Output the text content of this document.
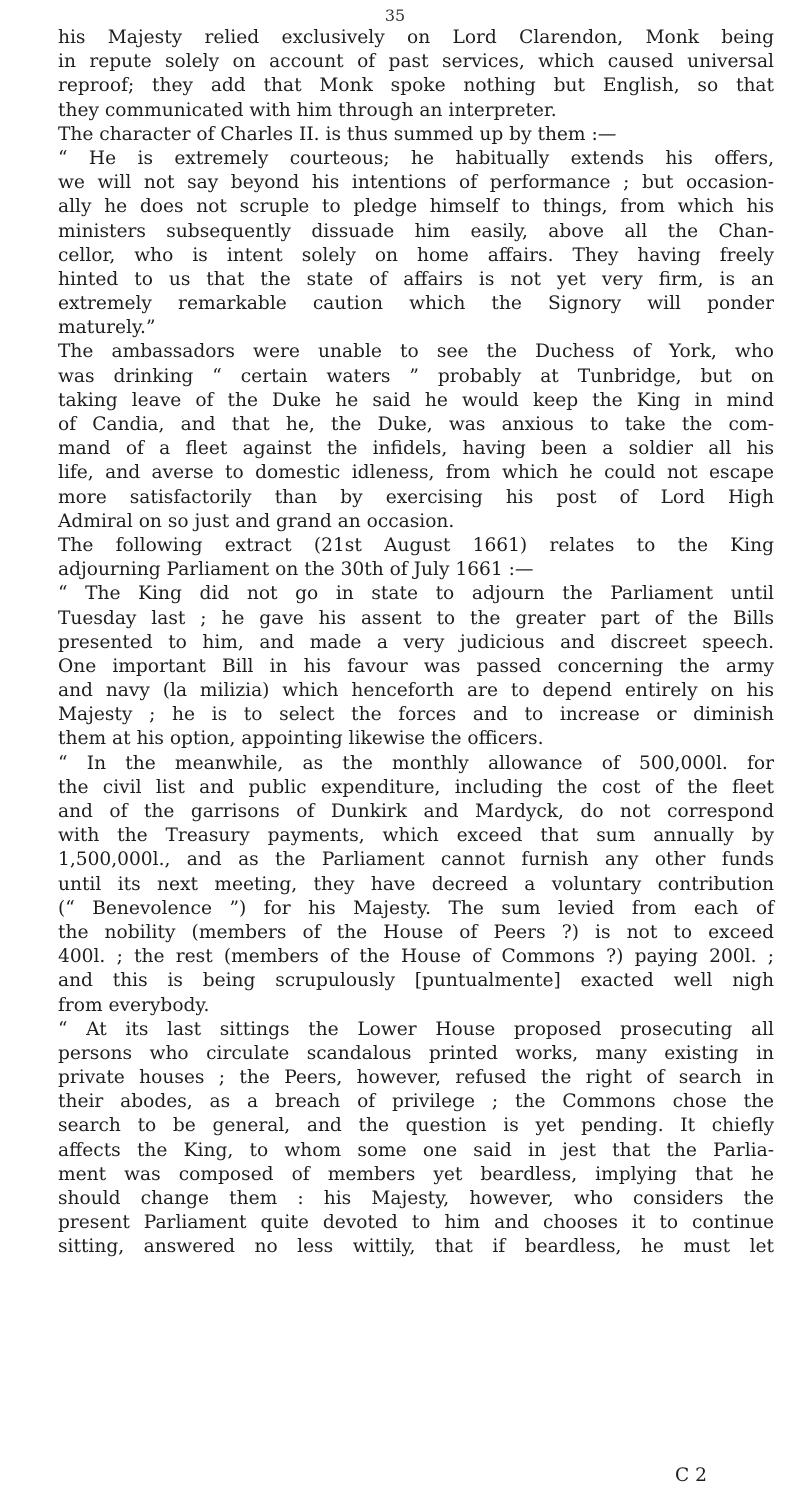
35
his Majesty relied exclusively on Lord Clarendon, Monk being
in repute solely on account of past services, which caused universal
reproof; they add that Monk spoke nothing but English, so that
they communicated with him through an interpreter.
The character of Charles II. is thus summed up by them :—
“ He is extremely courteous; he habitually extends his offers,
we will not say beyond his intentions of performance ; but occasion-
ally he does not scruple to pledge himself to things, from which his
ministers subsequently dissuade him easily, above all the Chan-
cellor, who is intent solely on home affairs. They having freely
hinted to us that the state of affairs is not yet very firm, is an
extremely remarkable caution which the Signory will ponder
maturely.”
The ambassadors were unable to see the Duchess of York, who
was drinking “ certain waters ” probably at Tunbridge, but on
taking leave of the Duke he said he would keep the King in mind
of Candia, and that he, the Duke, was anxious to take the com-
mand of a fleet against the infidels, having been a soldier all his
life, and averse to domestic idleness, from which he could not escape
more satisfactorily than by exercising his post of Lord High
Admiral on so just and grand an occasion.
The following extract (21st August 1661) relates to the King
adjourning Parliament on the 30th of July 1661 :—
“ The King did not go in state to adjourn the Parliament until
Tuesday last ; he gave his assent to the greater part of the Bills
presented to him, and made a very judicious and discreet speech.
One important Bill in his favour was passed concerning the army
and navy (la milizia) which henceforth are to depend entirely on his
Majesty ; he is to select the forces and to increase or diminish
them at his option, appointing likewise the officers.
“ In the meanwhile, as the monthly allowance of 500,000l. for
the civil list and public expenditure, including the cost of the fleet
and of the garrisons of Dunkirk and Mardyck, do not correspond
with the Treasury payments, which exceed that sum annually by
1,500,000l., and as the Parliament cannot furnish any other funds
until its next meeting, they have decreed a voluntary contribution
(“ Benevolence ”) for his Majesty. The sum levied from each of
the nobility (members of the House of Peers ?) is not to exceed
400l. ; the rest (members of the House of Commons ?) paying 200l. ;
and this is being scrupulously [puntualmente] exacted well nigh
from everybody.
“ At its last sittings the Lower House proposed prosecuting all
persons who circulate scandalous printed works, many existing in
private houses ; the Peers, however, refused the right of search in
their abodes, as a breach of privilege ; the Commons chose the
search to be general, and the question is yet pending. It chiefly
affects the King, to whom some one said in jest that the Parlia-
ment was composed of members yet beardless, implying that he
should change them : his Majesty, however, who considers the
present Parliament quite devoted to him and chooses it to continue
sitting, answered no less wittily, that if beardless, he must let
C 2
